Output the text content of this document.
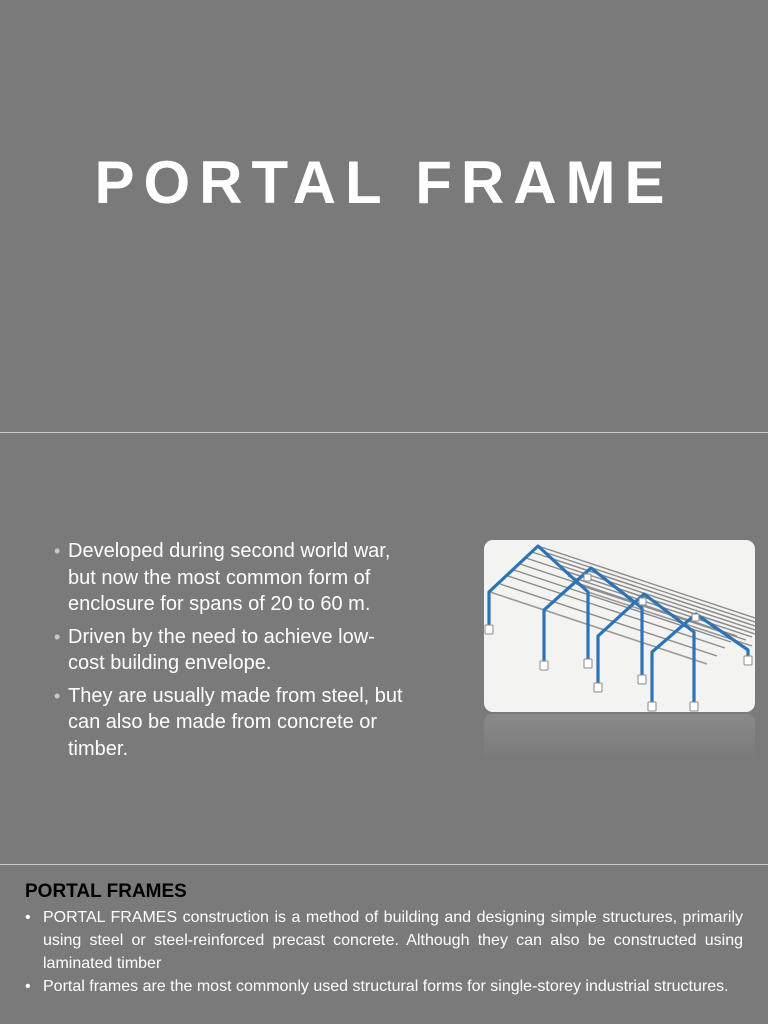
PORTAL FRAME
• Developed during second world war, but now the most common form of enclosure for spans of 20 to 60 m.
• Driven by the need to achieve low-cost building envelope.
• They are usually made from steel, but can also be made from concrete or timber.
PORTAL FRAMES
• PORTAL FRAMES construction is a method of building and designing simple structures, primarily using steel or steel-reinforced precast concrete. Although they can also be constructed using laminated timber
• Portal frames are the most commonly used structural forms for single-storey industrial structures.
